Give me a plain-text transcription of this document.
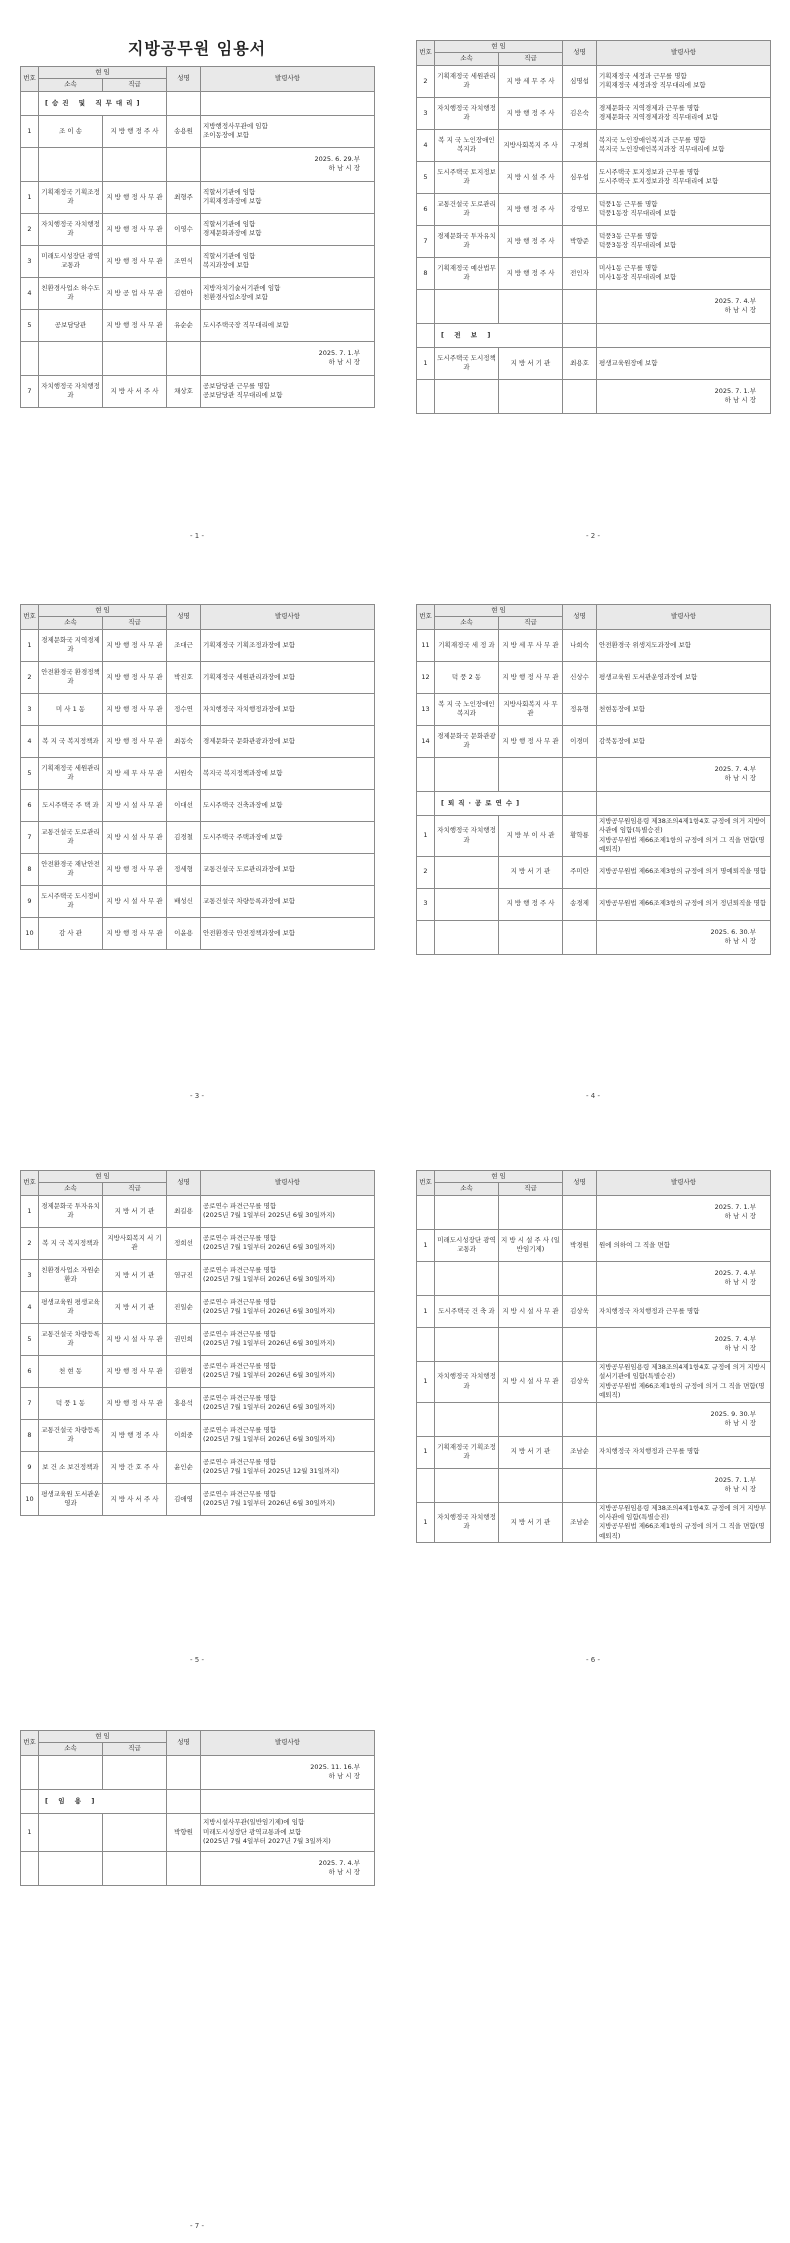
지방공무원 임용서
번호	현 임		성명	발령사항
	소속	직급		
	[승진 및 직무대리]			
1	조 이 송	지 방 행 정 주 사	송용원	지방행정사무관에 임함
조이동장에 보함

				2025. 6. 29.부
하 남 시 장

1	기획재정국 기획조정과	지 방 행 정 사 무 관	최형주	직할서기관에 임함
기획재정과장에 보함

2	자치행정국 자치행정과	지 방 행 정 사 무 관	이영수	직할서기관에 임함
경제문화과장에 보함

3	미래도시성장단 광역교통과	지 방 행 정 사 무 관	조연식	직할서기관에 임함
복지과장에 보함

4	친환경사업소 하수도과	지 방 공 업 사 무 관	김현아	지방자치기술서기관에 임함
친환경사업소장에 보함

5	공보담당관	지 방 행 정 사 무 관	유순순	도시주택국장 직무대리에 보함

				2025. 7. 1.부
하 남 시 장

7	자치행정국 자치행정과	지 방 사 서 주 사	채상호	공보담당관 근무를 명함
공보담당관 직무대리에 보함
- 1 -
번호	현 임		성명	발령사항
	소속	직급		
2	기획재정국 세원관리과	지 방 세 무 주 사	심명섭	기획재정국 세정과 근무를 명함
기획재정국 세정과장 직무대리에 보함

3	자치행정국 자치행정과	지 방 행 정 주 사	김은숙	경제문화국 지역경제과 근무를 명함
경제문화국 지역경제과장 직무대리에 보함

4	복 지 국 노인장애인복지과	지방사회복지 주 사	구경희	복지국 노인장애인복지과 근무를 명함
복지국 노인장애인복지과장 직무대리에 보함

5	도시주택국 토지정보과	지 방 시 설 주 사	심우섭	도시주택국 토지정보과 근무를 명함
도시주택국 토지정보과장 직무대리에 보함

6	교통건설국 도로관리과	지 방 행 정 주 사	강영모	덕풍1동 근무를 명함
덕풍1동장 직무대리에 보함

7	경제문화국 투자유치과	지 방 행 정 주 사	박향준	덕풍3동 근무를 명함
덕풍3동장 직무대리에 보함

8	기획재정국 예산법무과	지 방 행 정 주 사	전인자	미사1동 근무를 명함
미사1동장 직무대리에 보함

				2025. 7. 4.부
하 남 시 장

	[ 전 보 ]			
1	도시주택국 도시정책과	지 방 서 기 관	최용호	평생교육원장에 보함

				2025. 7. 1.부
하 남 시 장
- 2 -
번호	현 임		성명	발령사항
	소속	직급		
1	경제문화국 지역경제과	지 방 행 정 사 무 관	조대근	기획재정국 기획조정과장에 보함

2	안전환경국 환경정책과	지 방 행 정 사 무 관	박진호	기획재정국 세원관리과장에 보함

3	미 사 1 동	지 방 행 정 사 무 관	정수연	자치행정국 자치행정과장에 보함

4	복 지 국 복지정책과	지 방 행 정 사 무 관	최동숙	경제문화국 문화관광과장에 보함

5	기획재정국 세원관리과	지 방 세 무 사 무 관	서원숙	복지국 복지정책과장에 보함

6	도시주택국 주 택 과	지 방 시 설 사 무 관	이대선	도시주택국 건축과장에 보함

7	교통건설국 도로관리과	지 방 시 설 사 무 관	김경철	도시주택국 주택과장에 보함

8	안전환경국 재난안전과	지 방 행 정 사 무 관	정세형	교통건설국 도로관리과장에 보함

9	도시주택국 도시정비과	지 방 시 설 사 무 관	배성신	교통건설국 차량등록과장에 보함

10	감 사 관	지 방 행 정 사 무 관	이윤용	안전환경국 안전정책과장에 보함
- 3 -
번호	현 임		성명	발령사항
	소속	직급		
11	기획재정국 세 정 과	지 방 세 무 사 무 관	나희숙	안전환경국 위생지도과장에 보함

12	덕 풍 2 동	지 방 행 정 사 무 관	신상수	평생교육원 도서관운영과장에 보함

13	복 지 국 노인장애인복지과	지방사회복지 사 무 관	정유형	천현동장에 보함

14	경제문화국 문화관광과	지 방 행 정 사 무 관	이경미	감북동장에 보함

				2025. 7. 4.부
하 남 시 장

	[퇴직·공로연수]			
1	자치행정국 자치행정과	지 방 부 이 사 관	황학룡	지방공무원임용령 제38조의4제1항4호 규정에 의거 지방이사관에 임함(특별승진)
지방공무원법 제66조제1항의 규정에 의거 그 직을 면함(명예퇴직)

2		지 방 서 기 관	주미란	지방공무원법 제66조제3항의 규정에 의거 명예퇴직을 명함

3		지 방 행 정 주 사	송경제	지방공무원법 제66조제3항의 규정에 의거 정년퇴직을 명함

				2025. 6. 30.부
하 남 시 장
- 4 -
번호	현 임		성명	발령사항
	소속	직급		
1	경제문화국 투자유치과	지 방 서 기 관	최길용	공로연수 파견근무를 명함
(2025년 7월 1일부터 2025년 6월 30일까지)

2	복 지 국 복지정책과	지방사회복지 서 기 관	정희선	공로연수 파견근무를 명함
(2025년 7월 1일부터 2026년 6월 30일까지)

3	친환경사업소 자원순환과	지 방 서 기 관	염규진	공로연수 파견근무를 명함
(2025년 7월 1일부터 2026년 6월 30일까지)

4	평생교육원 평생교육과	지 방 서 기 관	진일순	공로연수 파견근무를 명함
(2025년 7월 1일부터 2026년 6월 30일까지)

5	교통건설국 차량등록과	지 방 시 설 사 무 관	권민희	공로연수 파견근무를 명함
(2025년 7월 1일부터 2026년 6월 30일까지)

6	천 현 동	지 방 행 정 사 무 관	김환정	공로연수 파견근무를 명함
(2025년 7월 1일부터 2026년 6월 30일까지)

7	덕 풍 1 동	지 방 행 정 사 무 관	홍용석	공로연수 파견근무를 명함
(2025년 7월 1일부터 2026년 6월 30일까지)

8	교통건설국 차량등록과	지 방 행 정 주 사	이희중	공로연수 파견근무를 명함
(2025년 7월 1일부터 2026년 6월 30일까지)

9	보 건 소 보건정책과	지 방 간 호 주 사	윤인순	공로연수 파견근무를 명함
(2025년 7월 1일부터 2025년 12월 31일까지)

10	평생교육원 도서관운영과	지 방 사 서 주 사	김애영	공로연수 파견근무를 명함
(2025년 7월 1일부터 2026년 6월 30일까지)
- 5 -
번호	현 임		성명	발령사항
	소속	직급		

				2025. 7. 1.부
하 남 시 장

1	미래도시성장단 광역교통과	지 방 시 설 주 사 (일반임기제)	박경원	원에 의하여 그 직을 면함

				2025. 7. 4.부
하 남 시 장

1	도시주택국 건 축 과	지 방 시 설 사 무 관	김상욱	자치행정국 자치행정과 근무를 명함

				2025. 7. 4.부
하 남 시 장

1	자치행정국 자치행정과	지 방 시 설 사 무 관	김상욱	지방공무원임용령 제38조의4제1항4호 규정에 의거 지방시설서기관에 임함(특별승진)
지방공무원법 제66조제1항의 규정에 의거 그 직을 면함(명예퇴직)

				2025. 9. 30.부
하 남 시 장

1	기획재정국 기획조정과	지 방 서 기 관	조남순	자치행정국 자치행정과 근무를 명함

				2025. 7. 1.부
하 남 시 장

1	자치행정국 자치행정과	지 방 서 기 관	조남순	지방공무원임용령 제38조의4제1항4호 규정에 의거 지방부이사관에 임함(특별승진)
지방공무원법 제66조제1항의 규정에 의거 그 직을 면함(명예퇴직)
- 6 -
번호	현 임		성명	발령사항
	소속	직급		

				2025. 11. 16.부
하 남 시 장

	[ 임 용 ]			
1			박향원	지방시설사무관(일반임기제)에 임함
미래도시성장단 광역교통과에 보함
(2025년 7월 4일부터 2027년 7월 3일까지)

				2025. 7. 4.부
하 남 시 장
- 7 -
